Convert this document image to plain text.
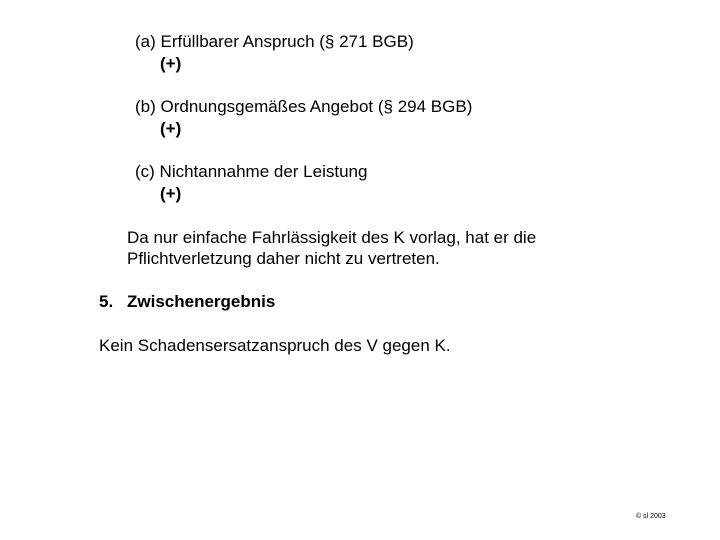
(a) Erfüllbarer Anspruch (§ 271 BGB)
(+)
(b) Ordnungsgemäßes Angebot (§ 294 BGB)
(+)
(c) Nichtannahme der Leistung
(+)
Da nur einfache Fahrlässigkeit des K vorlag, hat er die
Pflichtverletzung daher nicht zu vertreten.
5. Zwischenergebnis
Kein Schadensersatzanspruch des V gegen K.
© sl 2003
